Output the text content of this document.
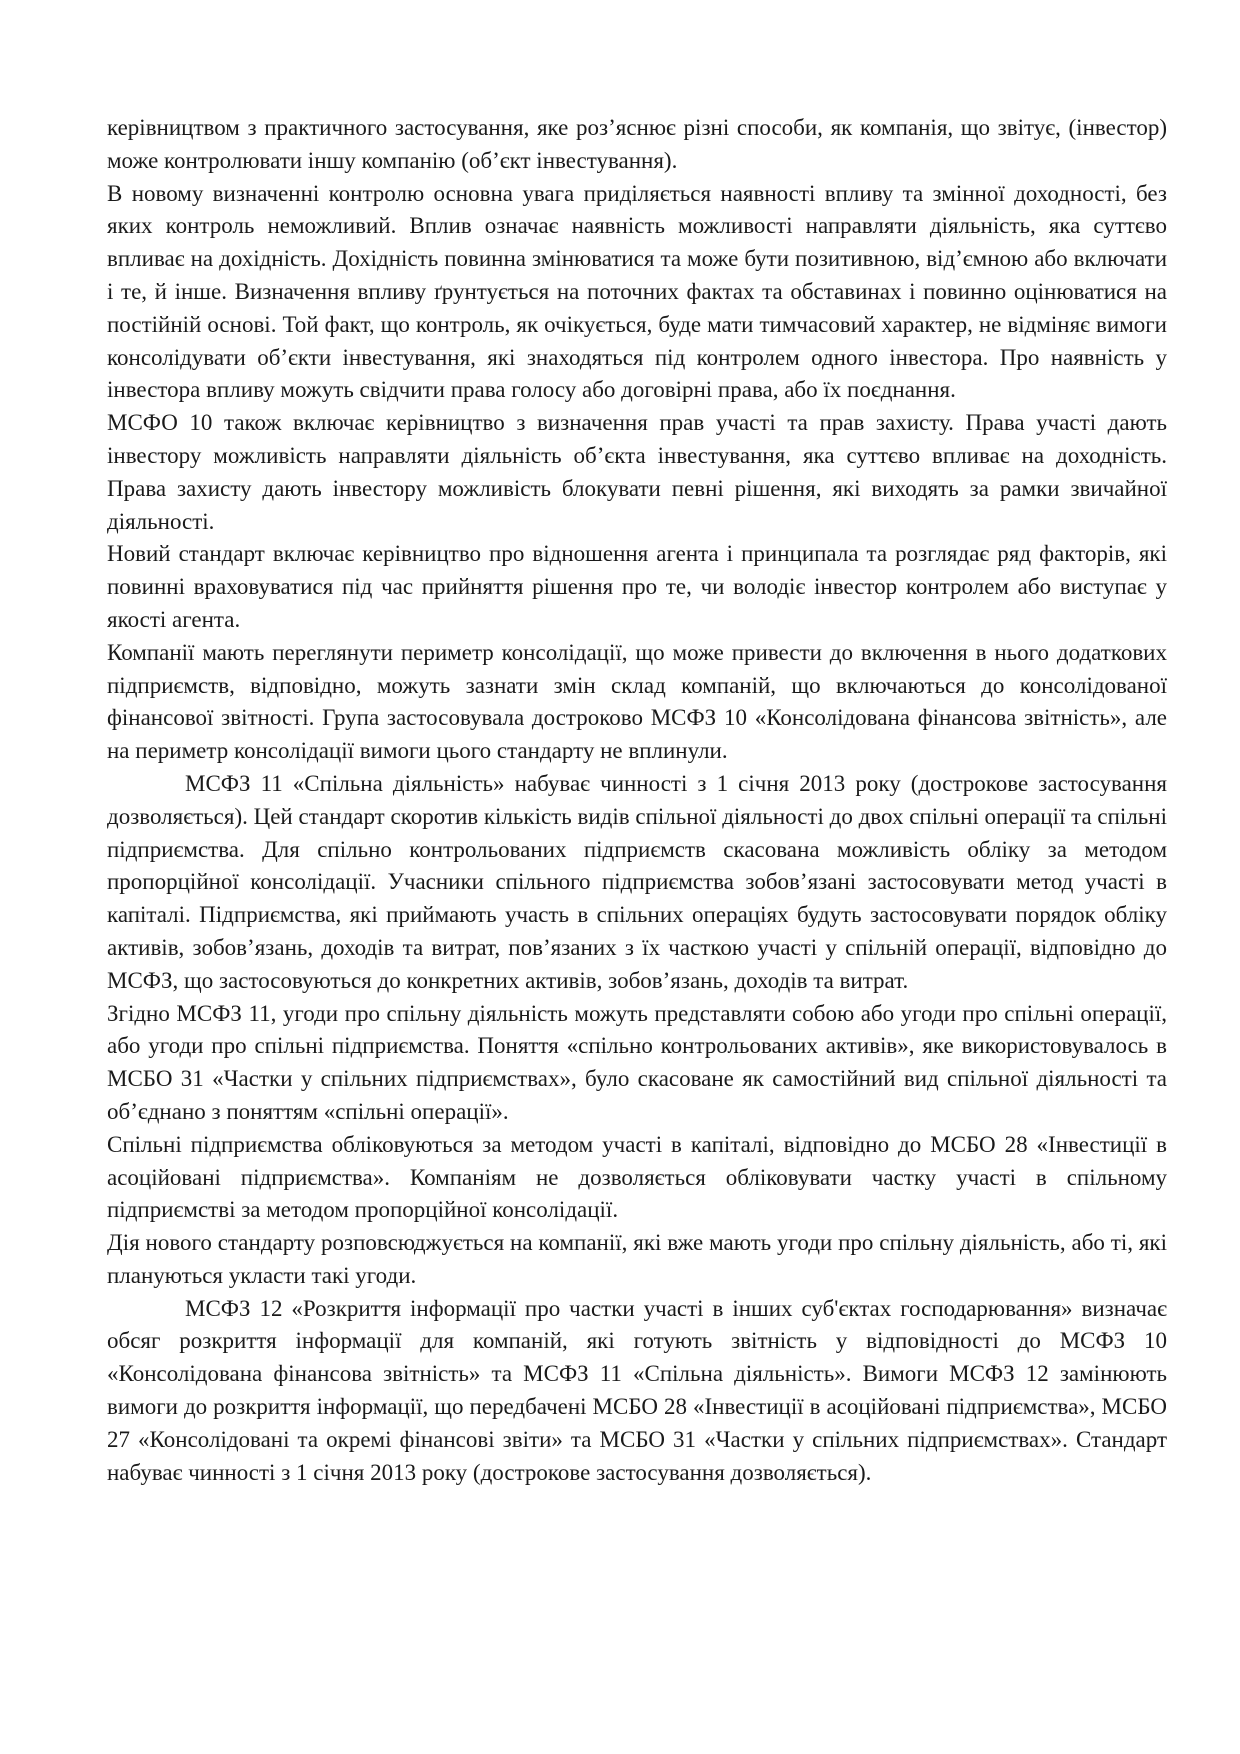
керівництвом з практичного застосування, яке роз’яснює різні способи, як компанія, що звітує, (інвестор) може контролювати іншу компанію (об’єкт інвестування).

В новому визначенні контролю основна увага приділяється наявності впливу та змінної доходності, без яких контроль неможливий. Вплив означає наявність можливості направляти діяльність, яка суттєво впливає на дохідність. Дохідність повинна змінюватися та може бути позитивною, від’ємною або включати і те, й інше. Визначення впливу ґрунтується на поточних фактах та обставинах і повинно оцінюватися на постійній основі. Той факт, що контроль, як очікується, буде мати тимчасовий характер, не відміняє вимоги консолідувати об’єкти інвестування, які знаходяться під контролем одного інвестора. Про наявність у інвестора впливу можуть свідчити права голосу або договірні права, або їх поєднання.

МСФО 10 також включає керівництво з визначення прав участі та прав захисту. Права участі дають інвестору можливість направляти діяльність об’єкта інвестування, яка суттєво впливає на доходність. Права захисту дають інвестору можливість блокувати певні рішення, які виходять за рамки звичайної діяльності.

Новий стандарт включає керівництво про відношення агента і принципала та розглядає ряд факторів, які повинні враховуватися під час прийняття рішення про те, чи володіє інвестор контролем або виступає у якості агента.

Компанії мають переглянути периметр консолідації, що може привести до включення в нього додаткових підприємств, відповідно, можуть зазнати змін склад компаній, що включаються до консолідованої фінансової звітності. Група застосовувала достроково МСФЗ 10 «Консолідована фінансова звітність», але на периметр консолідації вимоги цього стандарту не вплинули.

МСФЗ 11 «Спільна діяльність» набуває чинності з 1 січня 2013 року (дострокове застосування дозволяється). Цей стандарт скоротив кількість видів спільної діяльності до двох спільні операції та спільні підприємства. Для спільно контрольованих підприємств скасована можливість обліку за методом пропорційної консолідації. Учасники спільного підприємства зобов’язані застосовувати метод участі в капіталі. Підприємства, які приймають участь в спільних операціях будуть застосовувати порядок обліку активів, зобов’язань, доходів та витрат, пов’язаних з їх часткою участі у спільній операції, відповідно до МСФЗ, що застосовуються до конкретних активів, зобов’язань, доходів та витрат.

Згідно МСФЗ 11, угоди про спільну діяльність можуть представляти собою або угоди про спільні операції, або угоди про спільні підприємства. Поняття «спільно контрольованих активів», яке використовувалось в МСБО 31 «Частки у спільних підприємствах», було скасоване як самостійний вид спільної діяльності та об’єднано з поняттям «спільні операції».

Спільні підприємства обліковуються за методом участі в капіталі, відповідно до МСБО 28 «Інвестиції в асоційовані підприємства». Компаніям не дозволяється обліковувати частку участі в спільному підприємстві за методом пропорційної консолідації.

Дія нового стандарту розповсюджується на компанії, які вже мають угоди про спільну діяльність, або ті, які плануються укласти такі угоди.

МСФЗ 12 «Розкриття інформації про частки участі в інших суб'єктах господарювання» визначає обсяг розкриття інформації для компаній, які готують звітність у відповідності до МСФЗ 10 «Консолідована фінансова звітність» та МСФЗ 11 «Спільна діяльність». Вимоги МСФЗ 12 замінюють вимоги до розкриття інформації, що передбачені МСБО 28 «Інвестиції в асоційовані підприємства», МСБО 27 «Консолідовані та окремі фінансові звіти» та МСБО 31 «Частки у спільних підприємствах». Стандарт набуває чинності з 1 січня 2013 року (дострокове застосування дозволяється).
